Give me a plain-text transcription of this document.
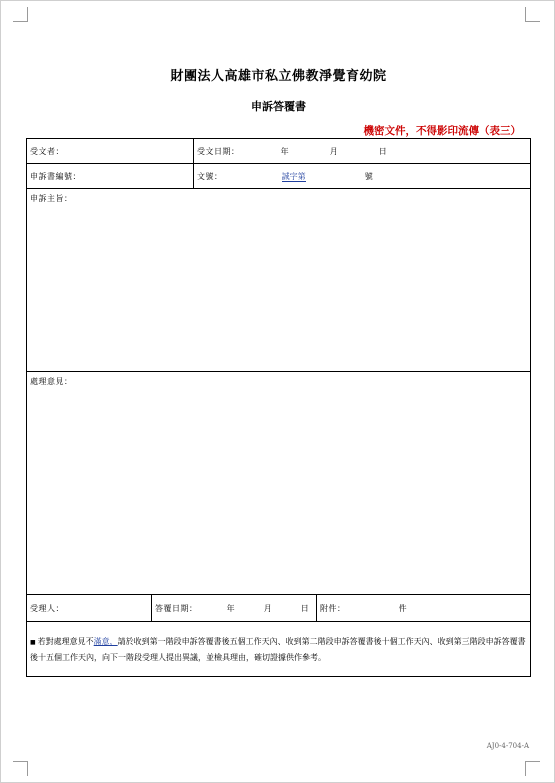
財團法人高雄市私立佛教淨覺育幼院
申訴答覆書
機密文件，不得影印流傳（表三）
受文者：		受文日期： 年 月 日	
申訴書編號：		文號： 誠字第 號	
申訴主旨：			
處理意見：			
受理人：	答覆日期： 年 月 日		附件： 件
■ 若對處理意見不滿意，請於收到第一階段申訴答覆書後五個工作天內、收到第二階段申訴答覆書後十個工作天內、收到第三階段申訴答覆書後十五個工作天內，向下一階段受理人提出異議，並檢具理由，確切證據供作參考。			
AJ0-4-704-A
